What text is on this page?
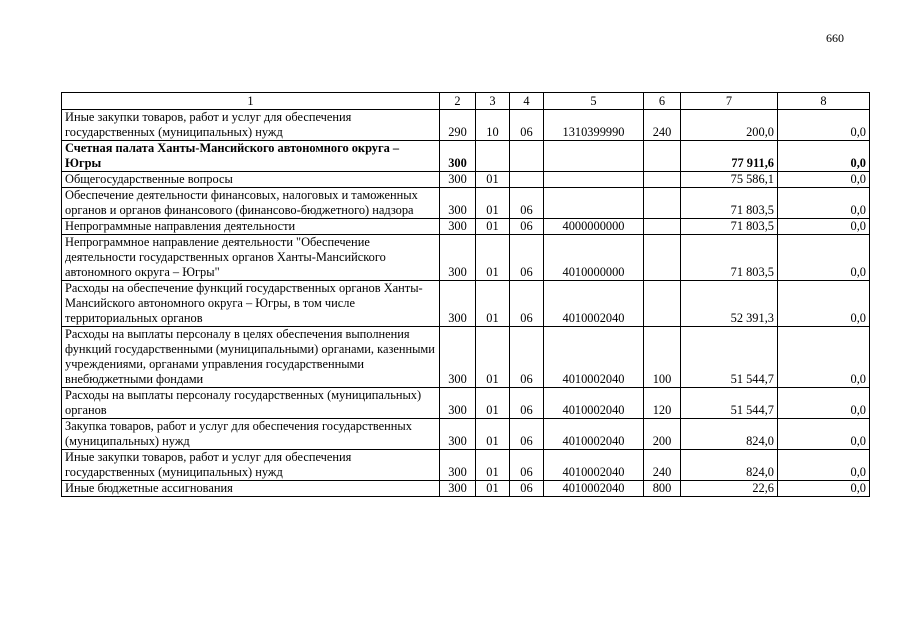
660
1	2	3	4	5	6	7	8
Иные закупки товаров, работ и услуг для обеспечения государственных (муниципальных) нужд	290	10	06	1310399990	240	200,0	0,0
Счетная палата Ханты-Мансийского автономного округа – Югры	300					77 911,6	0,0
Общегосударственные вопросы	300	01				75 586,1	0,0
Обеспечение деятельности финансовых, налоговых и таможенных органов и органов финансового (финансово-бюджетного) надзора	300	01	06			71 803,5	0,0
Непрограммные направления деятельности	300	01	06	4000000000		71 803,5	0,0
Непрограммное направление деятельности "Обеспечение деятельности государственных органов Ханты-Мансийского автономного округа – Югры"	300	01	06	4010000000		71 803,5	0,0
Расходы на обеспечение функций государственных органов Ханты-Мансийского автономного округа – Югры, в том числе территориальных органов	300	01	06	4010002040		52 391,3	0,0
Расходы на выплаты персоналу в целях обеспечения выполнения функций государственными (муниципальными) органами, казенными учреждениями, органами управления государственными внебюджетными фондами	300	01	06	4010002040	100	51 544,7	0,0
Расходы на выплаты персоналу государственных (муниципальных) органов	300	01	06	4010002040	120	51 544,7	0,0
Закупка товаров, работ и услуг для обеспечения государственных (муниципальных) нужд	300	01	06	4010002040	200	824,0	0,0
Иные закупки товаров, работ и услуг для обеспечения государственных (муниципальных) нужд	300	01	06	4010002040	240	824,0	0,0
Иные бюджетные ассигнования	300	01	06	4010002040	800	22,6	0,0
